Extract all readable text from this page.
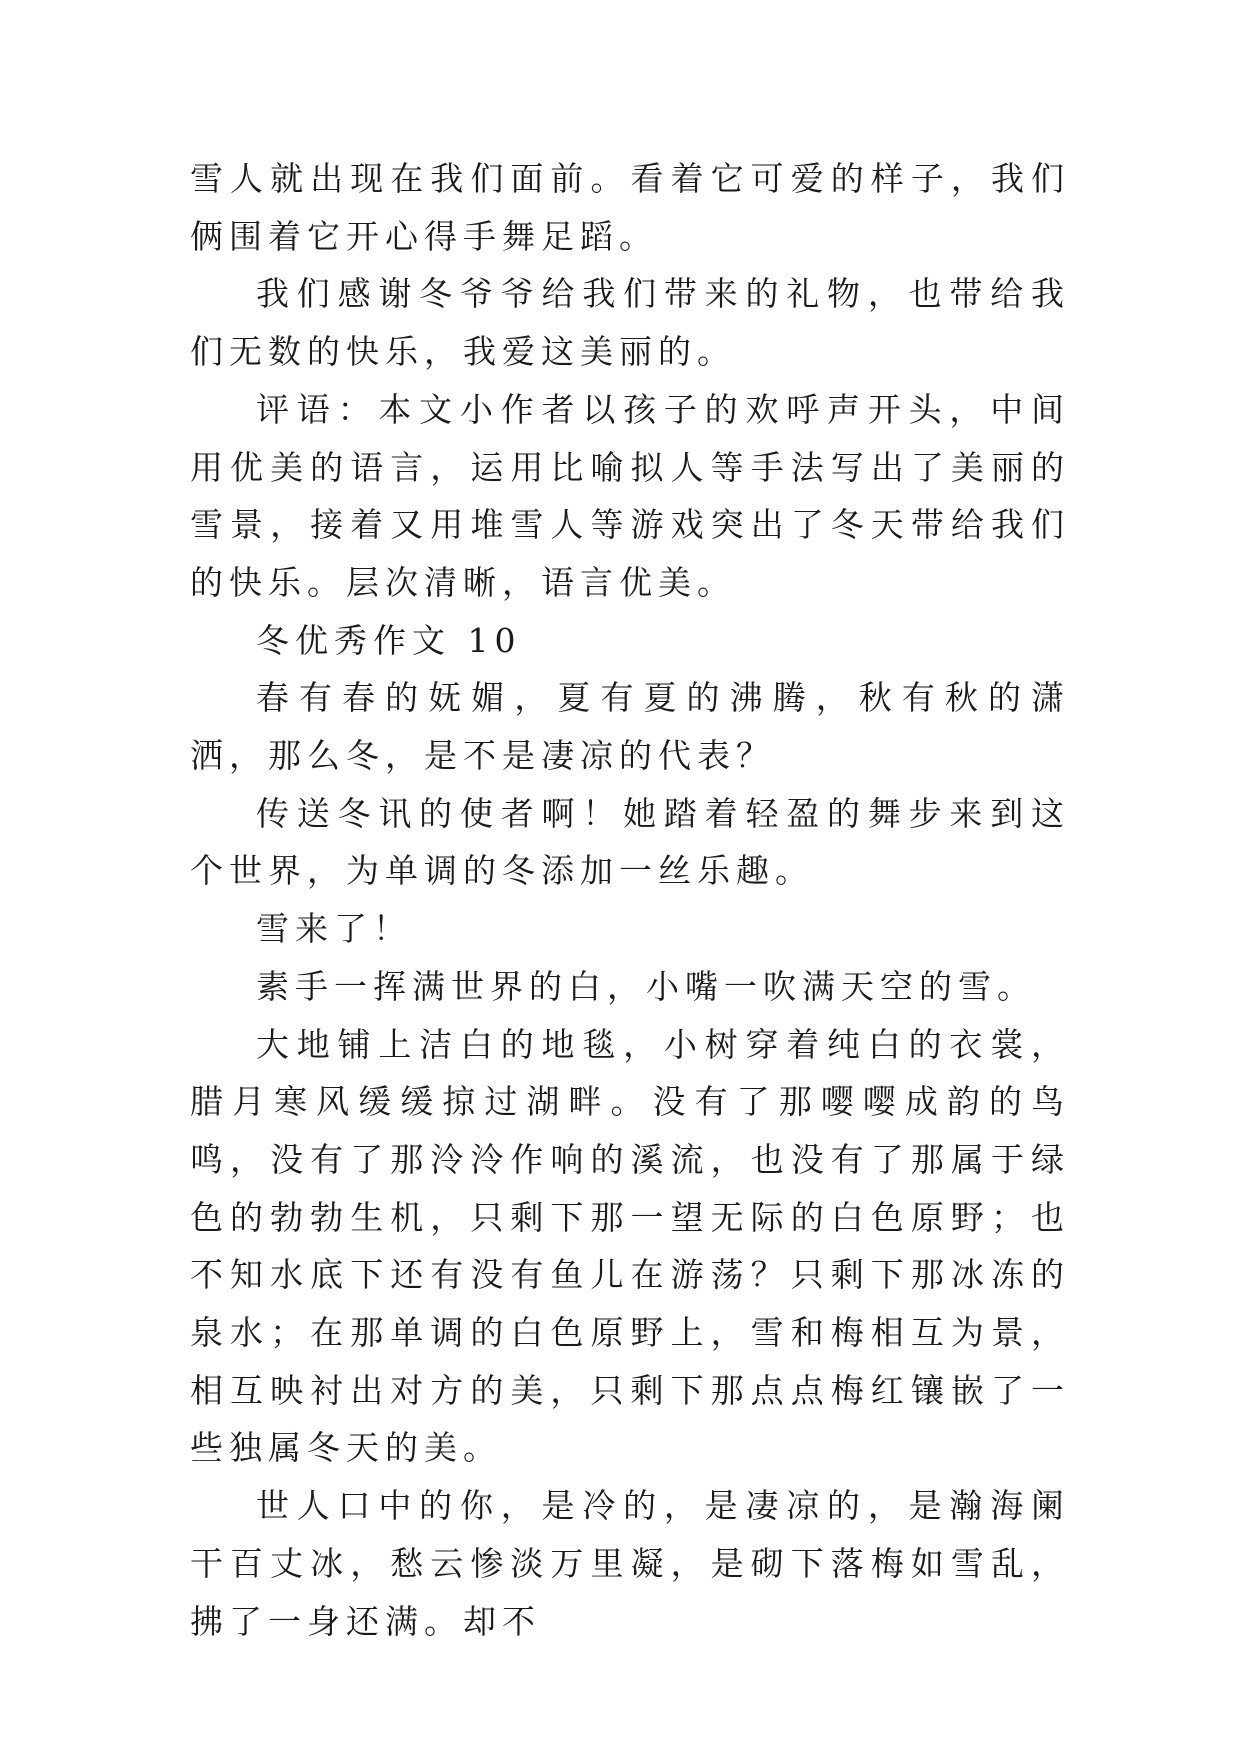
雪人就出现在我们面前。看着它可爱的样子，我们俩围着它开心得手舞足蹈。

我们感谢冬爷爷给我们带来的礼物，也带给我们无数的快乐，我爱这美丽的。

评语：本文小作者以孩子的欢呼声开头，中间用优美的语言，运用比喻拟人等手法写出了美丽的雪景，接着又用堆雪人等游戏突出了冬天带给我们的快乐。层次清晰，语言优美。

冬优秀作文 10

春有春的妩媚，夏有夏的沸腾，秋有秋的潇洒，那么冬，是不是凄凉的代表？

传送冬讯的使者啊！她踏着轻盈的舞步来到这个世界，为单调的冬添加一丝乐趣。

雪来了！

素手一挥满世界的白，小嘴一吹满天空的雪。

大地铺上洁白的地毯，小树穿着纯白的衣裳，腊月寒风缓缓掠过湖畔。没有了那嘤嘤成韵的鸟鸣，没有了那泠泠作响的溪流，也没有了那属于绿色的勃勃生机，只剩下那一望无际的白色原野；也不知水底下还有没有鱼儿在游荡？只剩下那冰冻的泉水；在那单调的白色原野上，雪和梅相互为景，相互映衬出对方的美，只剩下那点点梅红镶嵌了一些独属冬天的美。

世人口中的你，是冷的，是凄凉的，是瀚海阑干百丈冰，愁云惨淡万里凝，是砌下落梅如雪乱，拂了一身还满。却不
